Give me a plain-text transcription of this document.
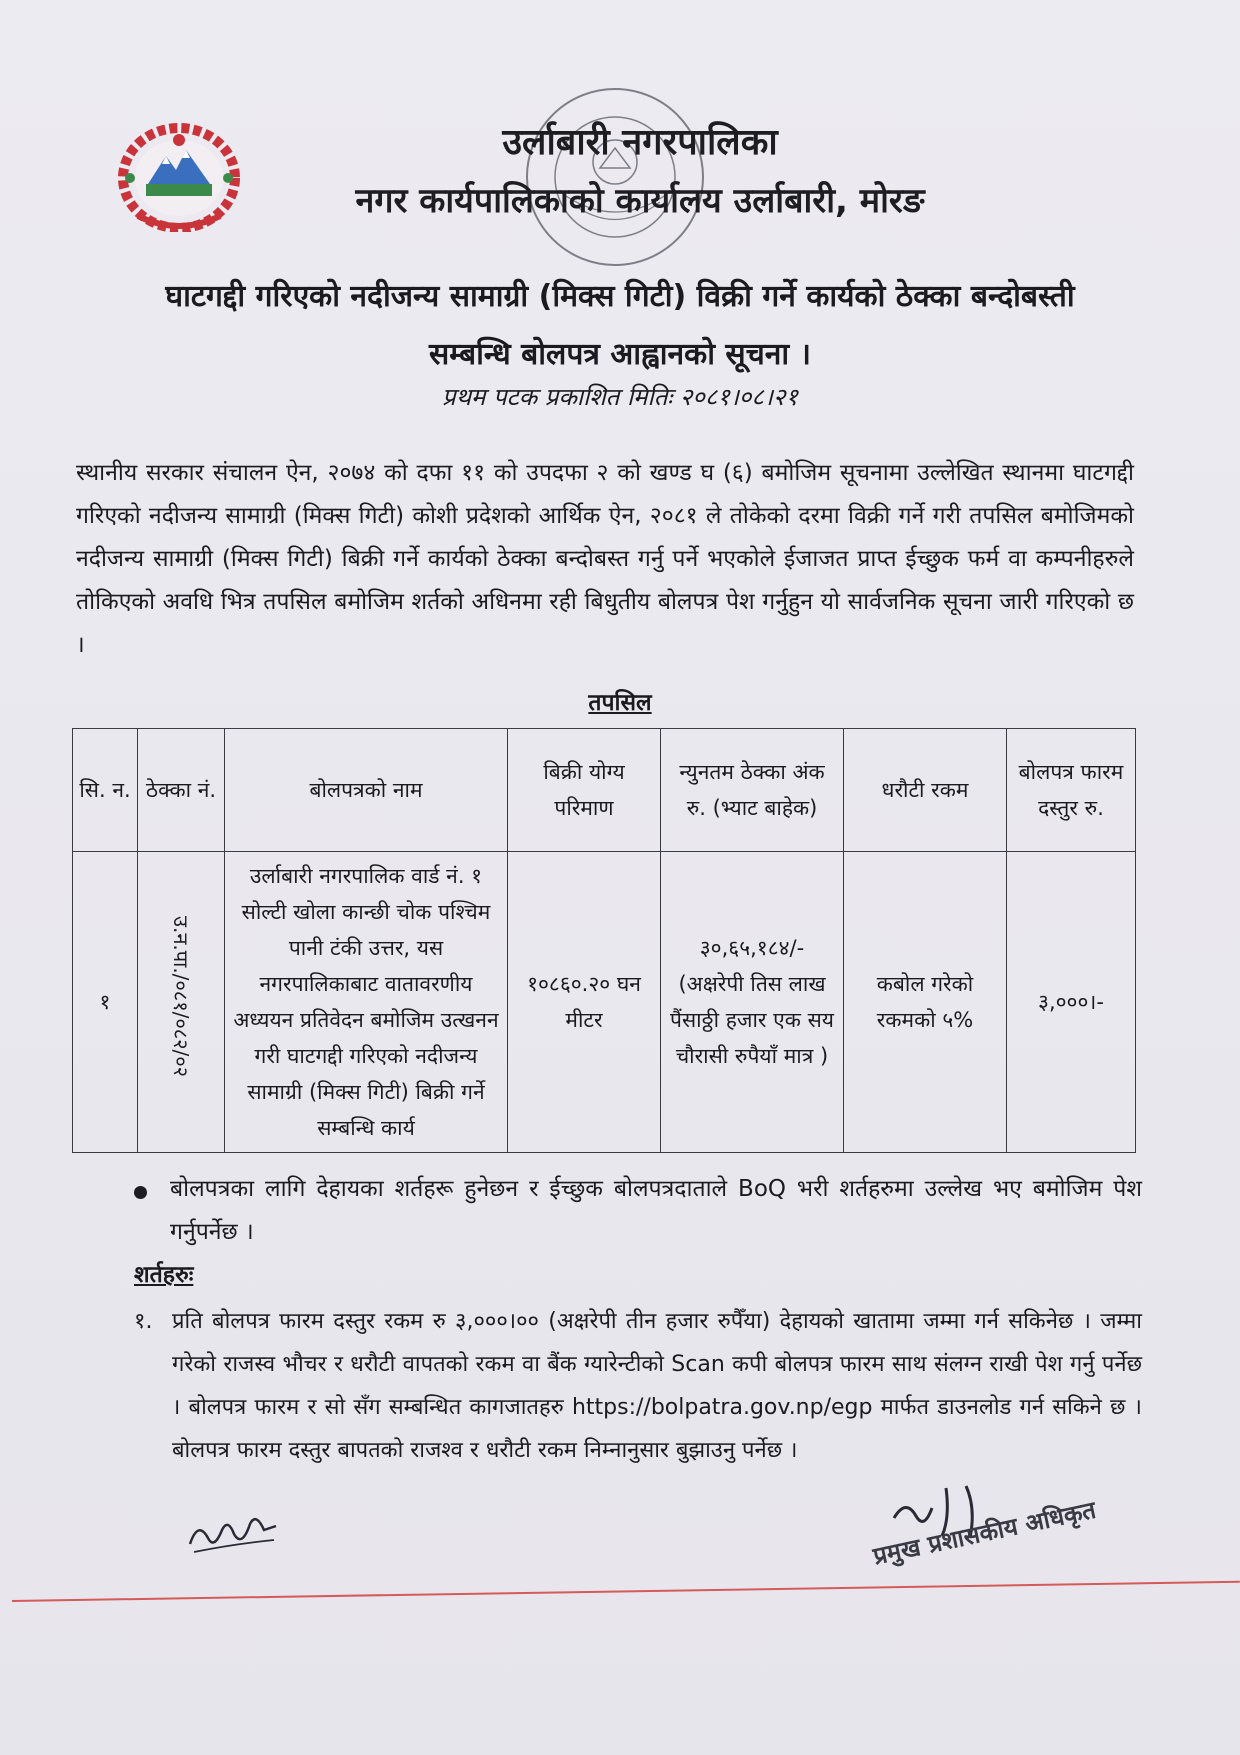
उर्लाबारी नगरपालिका
नगर कार्यपालिकाको कार्यालय उर्लाबारी, मोरङ
घाटगद्दी गरिएको नदीजन्य सामाग्री (मिक्स गिटी) विक्री गर्ने कार्यको ठेक्का बन्दोबस्ती
सम्बन्धि बोलपत्र आह्वानको सूचना ।
प्रथम पटक प्रकाशित मितिः २०८१।०८।२१
स्थानीय सरकार संचालन ऐन, २०७४ को दफा ११ को उपदफा २ को खण्ड घ (६) बमोजिम सूचनामा उल्लेखित स्थानमा घाटगद्दी गरिएको नदीजन्य सामाग्री (मिक्स गिटी) कोशी प्रदेशको आर्थिक ऐन, २०८१ ले तोकेको दरमा विक्री गर्ने गरी तपसिल बमोजिमको नदीजन्य सामाग्री (मिक्स गिटी) बिक्री गर्ने कार्यको ठेक्का बन्दोबस्त गर्नु पर्ने भएकोले ईजाजत प्राप्त ईच्छुक फर्म वा कम्पनीहरुले तोकिएको अवधि भित्र तपसिल बमोजिम शर्तको अधिनमा रही बिधुतीय बोलपत्र पेश गर्नुहुन यो सार्वजनिक सूचना जारी गरिएको छ ।
तपसिल
सि. न.	ठेक्का नं.	बोलपत्रको नाम	बिक्री योग्य परिमाण	न्युनतम ठेक्का अंक रु. (भ्याट बाहेक)	धरौटी रकम	बोलपत्र फारम दस्तुर रु.
१	उ.न.पा./०८१/०८२/०२	उर्लाबारी नगरपालिक वार्ड नं. १ सोल्टी खोला कान्छी चोक पश्चिम पानी टंकी उत्तर, यस नगरपालिकाबाट वातावरणीय अध्ययन प्रतिवेदन बमोजिम उत्खनन गरी घाटगद्दी गरिएको नदीजन्य सामाग्री (मिक्स गिटी) बिक्री गर्ने सम्बन्धि कार्य	१०८६०.२० घन मीटर	३०,६५,१८४/- (अक्षरेपी तिस लाख पैंसाठ्ठी हजार एक सय चौरासी रुपैयाँ मात्र )	कबोल गरेको रकमको ५%	३,०००।-
बोलपत्रका लागि देहायका शर्तहरू हुनेछन र ईच्छुक बोलपत्रदाताले BoQ भरी शर्तहरुमा उल्लेख भए बमोजिम पेश गर्नुपर्नेछ ।
शर्तहरुः
१. प्रति बोलपत्र फारम दस्तुर रकम रु ३,०००।०० (अक्षरेपी तीन हजार रुपैँया) देहायको खातामा जम्मा गर्न सकिनेछ । जम्मा गरेको राजस्व भौचर र धरौटी वापतको रकम वा बैंक ग्यारेन्टीको Scan कपी बोलपत्र फारम साथ संलग्न राखी पेश गर्नु पर्नेछ । बोलपत्र फारम र सो सँग सम्बन्धित कागजातहरु https://bolpatra.gov.np/egp मार्फत डाउनलोड गर्न सकिने छ । बोलपत्र फारम दस्तुर बापतको राजश्व र धरौटी रकम निम्नानुसार बुझाउनु पर्नेछ ।
प्रमुख प्रशासकीय अधिकृत
